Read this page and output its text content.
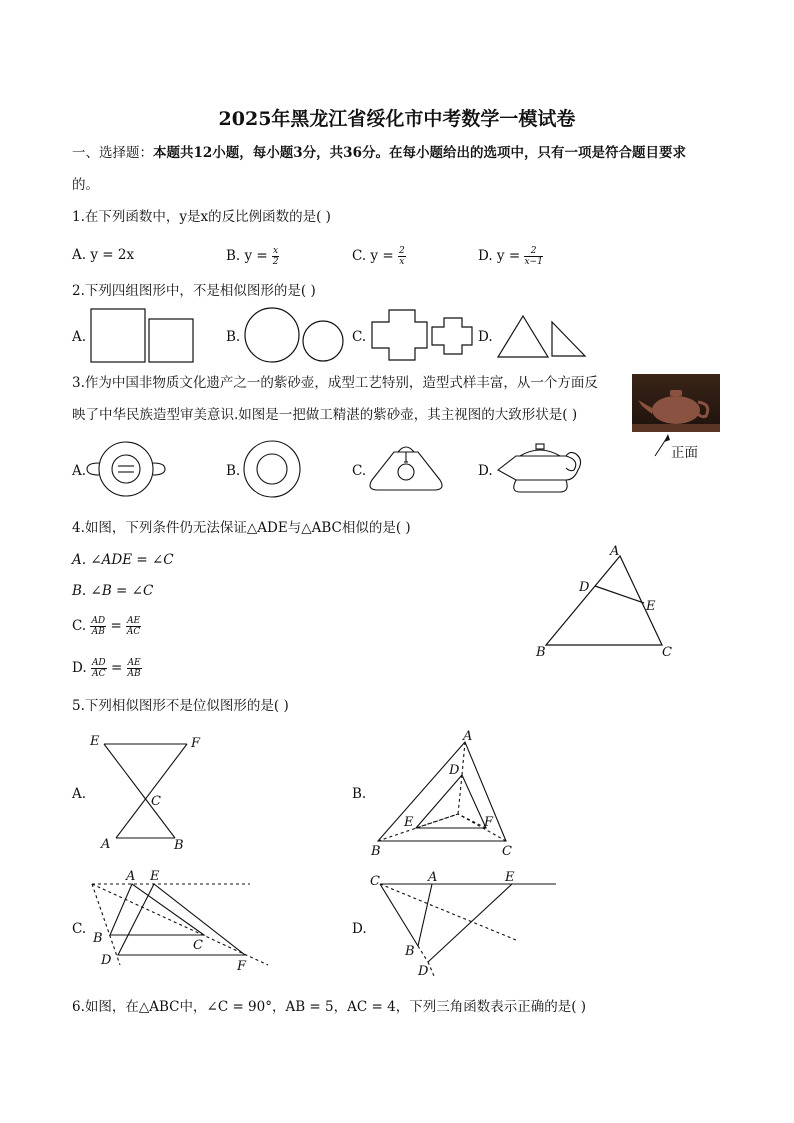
2025年黑龙江省绥化市中考数学一模试卷
一、选择题：本题共12小题，每小题3分，共36分。在每小题给出的选项中，只有一项是符合题目要求
的。
1.在下列函数中，y是x的反比例函数的是( )
A. y = 2x	B. $y = \frac{x}{2}$	C. $y = \frac{2}{x}$	D. $y = \frac{2}{x-1}$
2.下列四组图形中，不是相似图形的是( )
A.	B.	C.	D.
3.作为中国非物质文化遗产之一的紫砂壶，成型工艺特别，造型式样丰富，从一个方面反
映了中华民族造型审美意识.如图是一把做工精湛的紫砂壶，其主视图的大致形状是( )
正面
A.	B.	C.	D.
4.如图，下列条件仍无法保证△ADE与△ABC相似的是( )
A. ∠ADE = ∠C
B. ∠B = ∠C
C. $\frac{AD}{AB} = \frac{AE}{AC}$
D. $\frac{AD}{AC} = \frac{AE}{AB}$
A
D
E
B	C
5.下列相似图形不是位似图形的是( )
A.	B.
C.	D.
E	F
C
A	B
A
D
E	F
B	C
A E
B	C
D	F
C	A	E
B
D
6.如图，在△ABC中，∠C = 90°，AB = 5，AC = 4，下列三角函数表示正确的是( )
